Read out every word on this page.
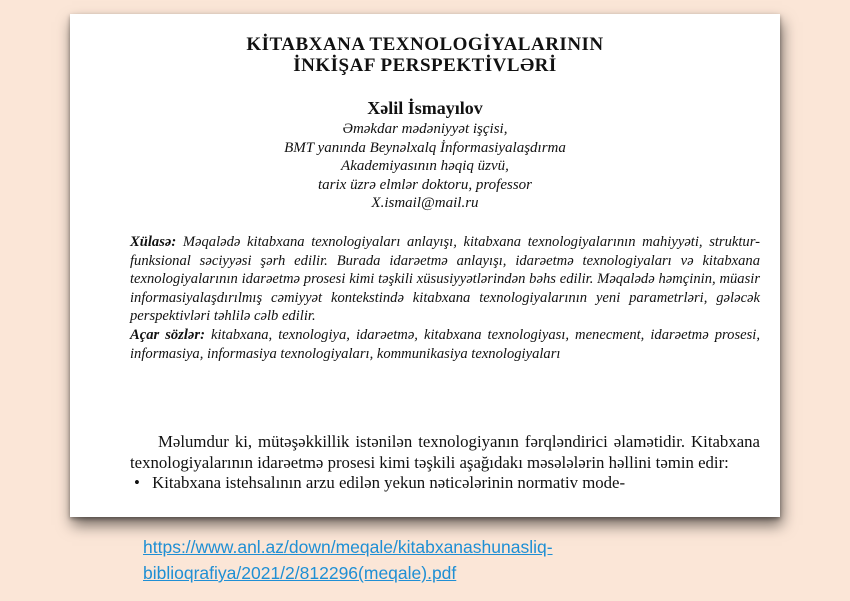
KİTABXANA TEXNOLOGİYALARININ
İNKİŞAF PERSPEKTİVLƏRİ
Xəlil İsmayılov
Əməkdar mədəniyyət işçisi,
BMT yanında Beynəlxalq İnformasiyalaşdırma
Akademiyasının həqiq üzvü,
tarix üzrə elmlər doktoru, professor
X.ismail@mail.ru
Xülasə: Məqalədə kitabxana texnologiyaları anlayışı, kitabxana texnologiyalarının mahiyyəti, struktur-funksional səciyyəsi şərh edilir. Burada idarəetmə anlayışı, idarəetmə texnologiyaları və kitabxana texnologiyalarının idarəetmə prosesi kimi təşkili xüsusiyyətlərindən bəhs edilir. Məqalədə həmçinin, müasir informasiyalaşdırılmış cəmiyyət kontekstində kitabxana texnologiyalarının yeni parametrləri, gələcək perspektivləri təhlilə cəlb edilir.
Açar sözlər: kitabxana, texnologiya, idarəetmə, kitabxana texnologiyası, menecment, idarəetmə prosesi, informasiya, informasiya texnologiyaları, kommunikasiya texnologiyaları

Məlumdur ki, mütəşəkkillik istənilən texnologiyanın fərqləndirici əlamətidir. Kitabxana texnologiyalarının idarəetmə prosesi kimi təşkili aşağıdakı məsələlərin həllini təmin edir:

• Kitabxana istehsalının arzu edilən yekun nəticələrinin normativ mode-
https://www.anl.az/down/meqale/kitabxanashunasliq-
biblioqrafiya/2021/2/812296(meqale).pdf
